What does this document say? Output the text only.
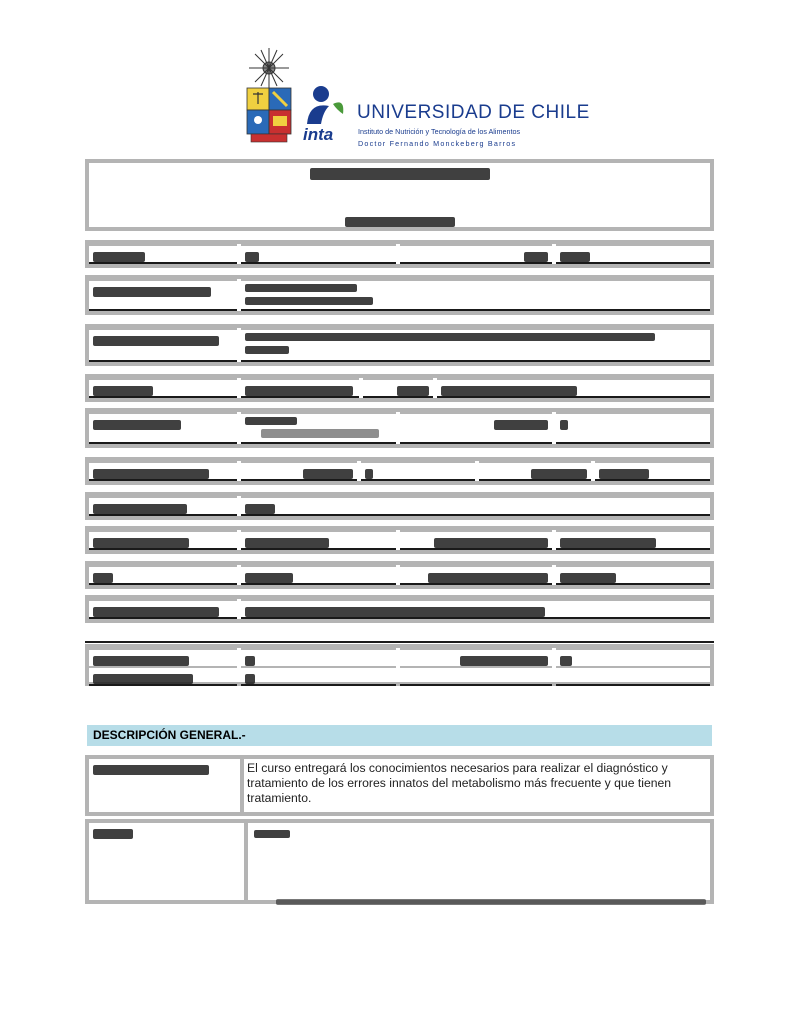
inta
UNIVERSIDAD DE CHILE
Instituto de Nutrición y Tecnología de los Alimentos
Doctor Fernando Monckeberg Barros

DESCRIPCIÓN GENERAL.-
El curso entregará los conocimientos necesarios para realizar el diagnóstico y tratamiento de los errores innatos del metabolismo más frecuente y que tienen tratamiento.
